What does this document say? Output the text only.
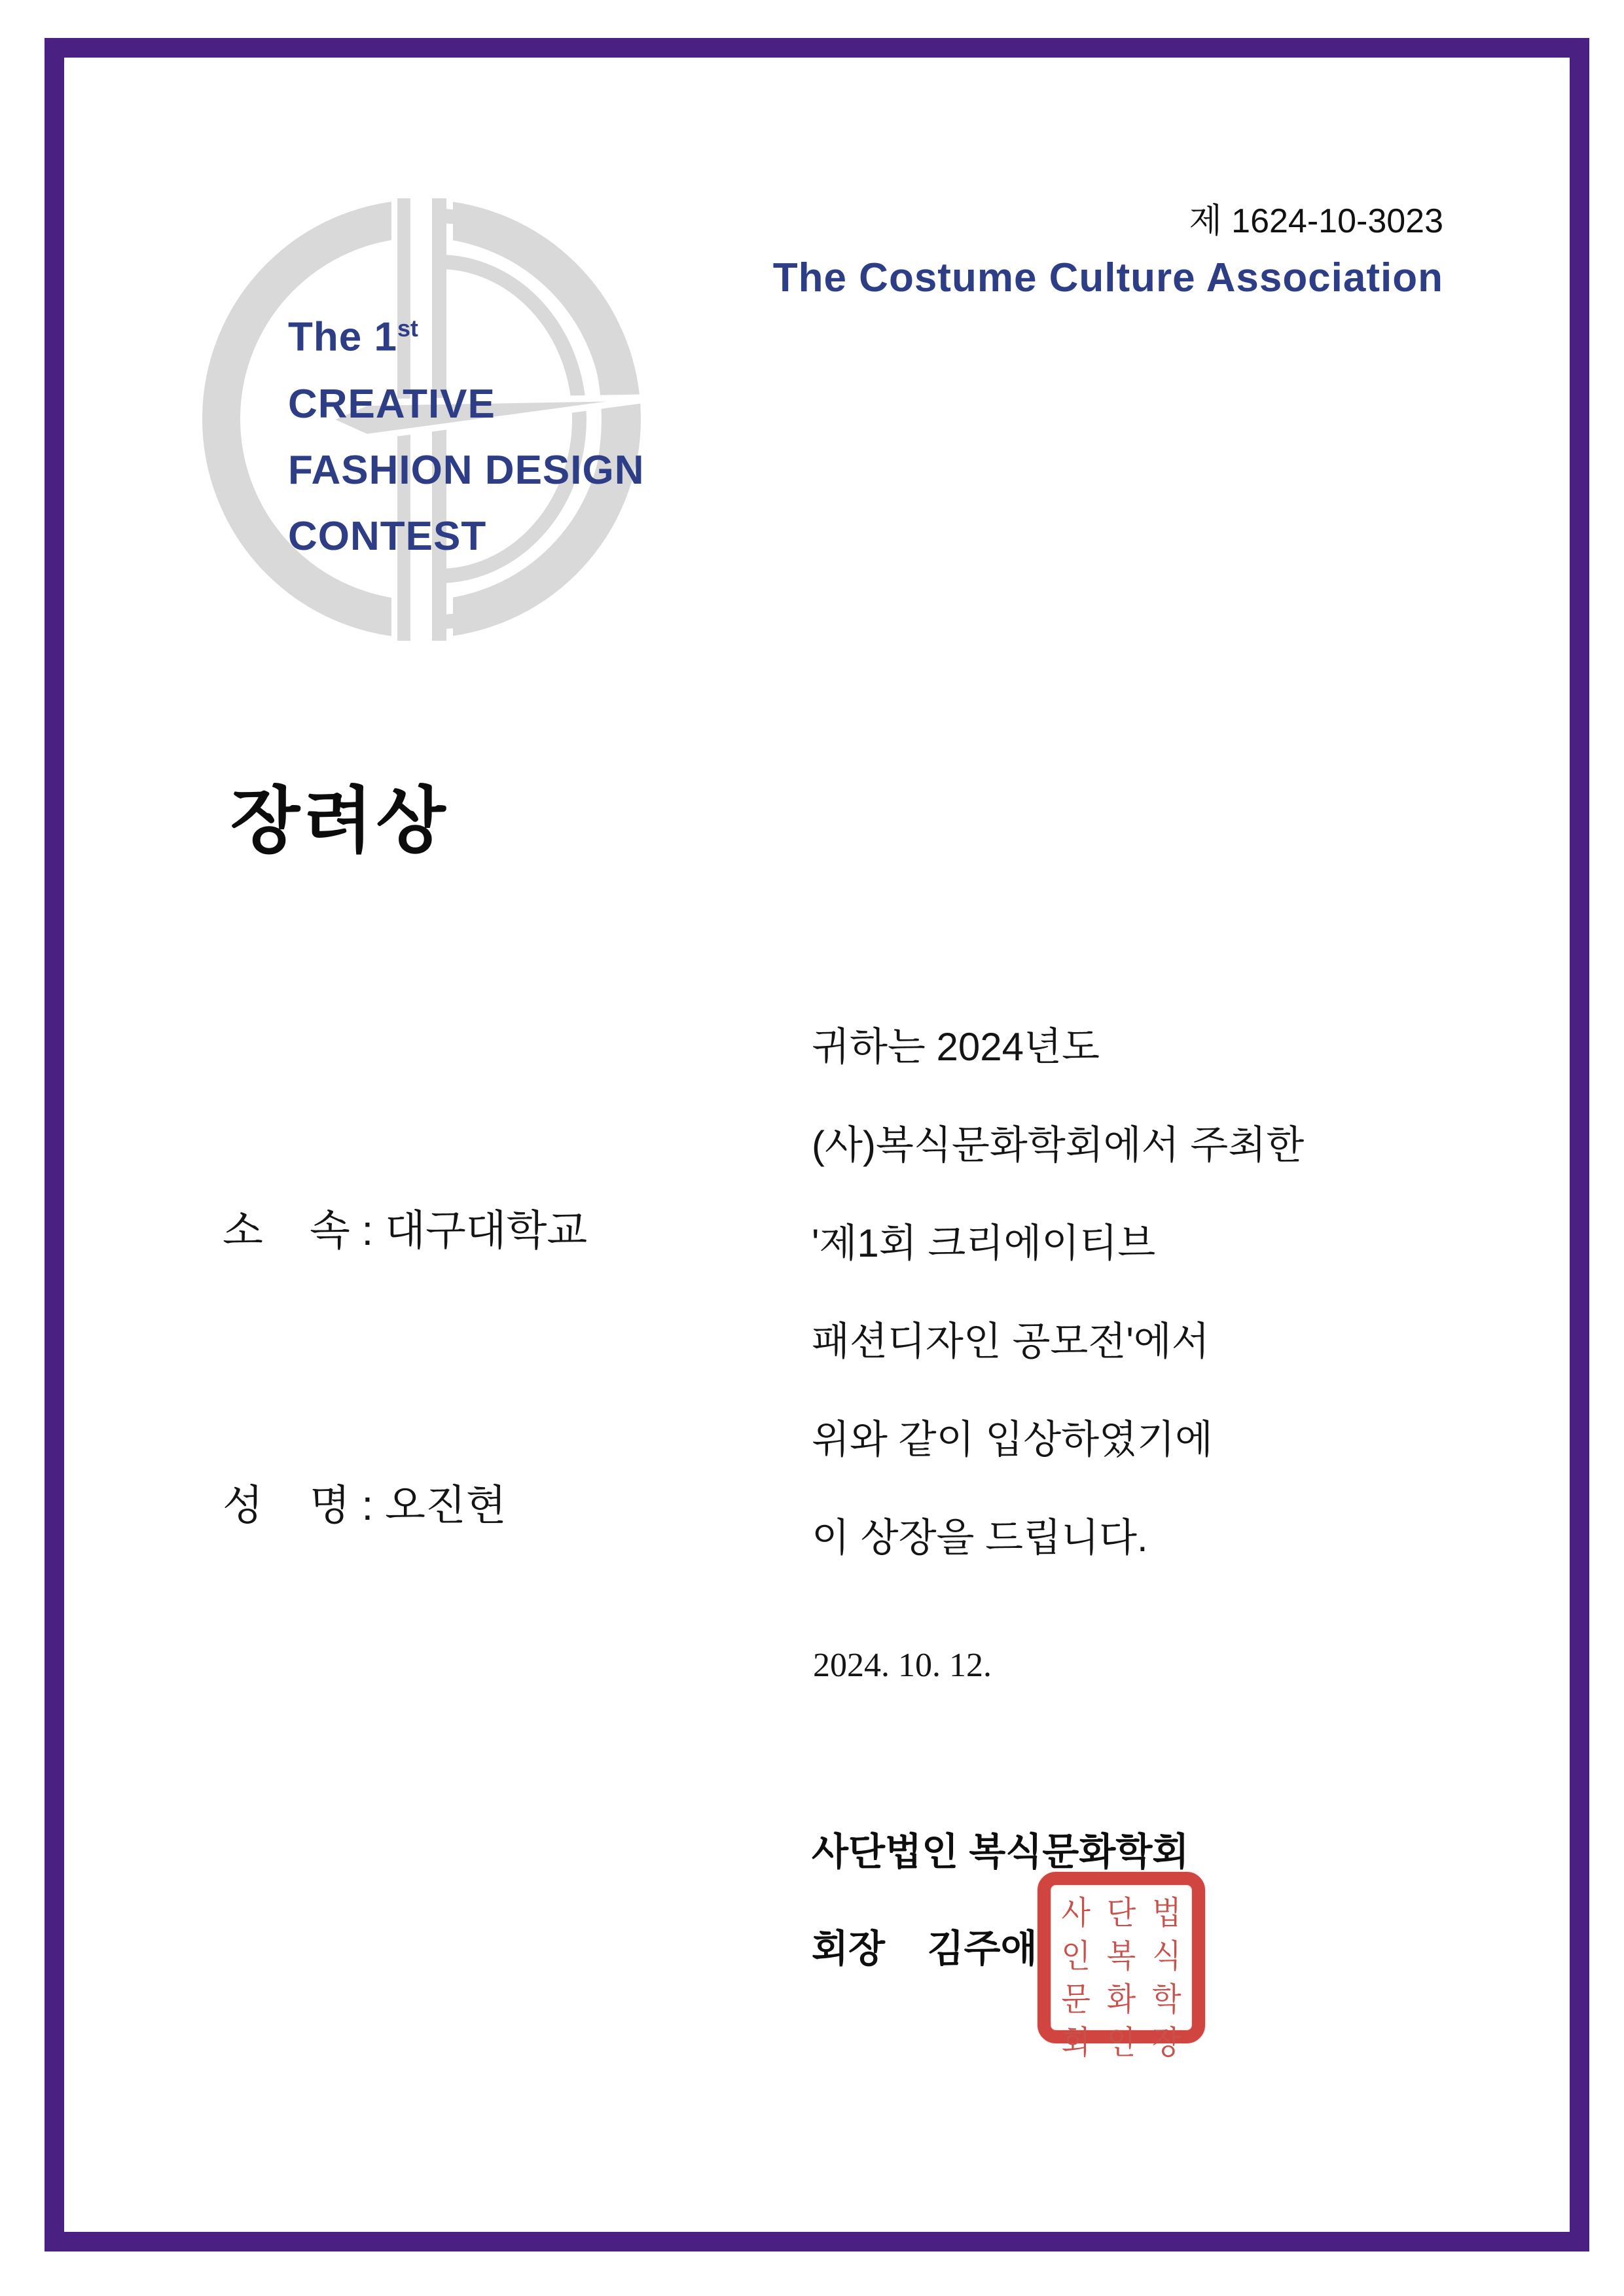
제 1624-10-3023
The Costume Culture Association
The 1st
CREATIVE
FASHION DESIGN
CONTEST
장려상

소    속 : 대구대학교

성    명 : 오진현

귀하는 2024년도
(사)복식문화학회에서 주최한
'제1회 크리에이티브
패션디자인 공모전'에서
위와 같이 입상하였기에
이 상장을 드립니다.
2024. 10. 12.
사단법인 복식문화학회
회장    김주애
사 단 법
인 복 식
문 화 학
회 인 장
